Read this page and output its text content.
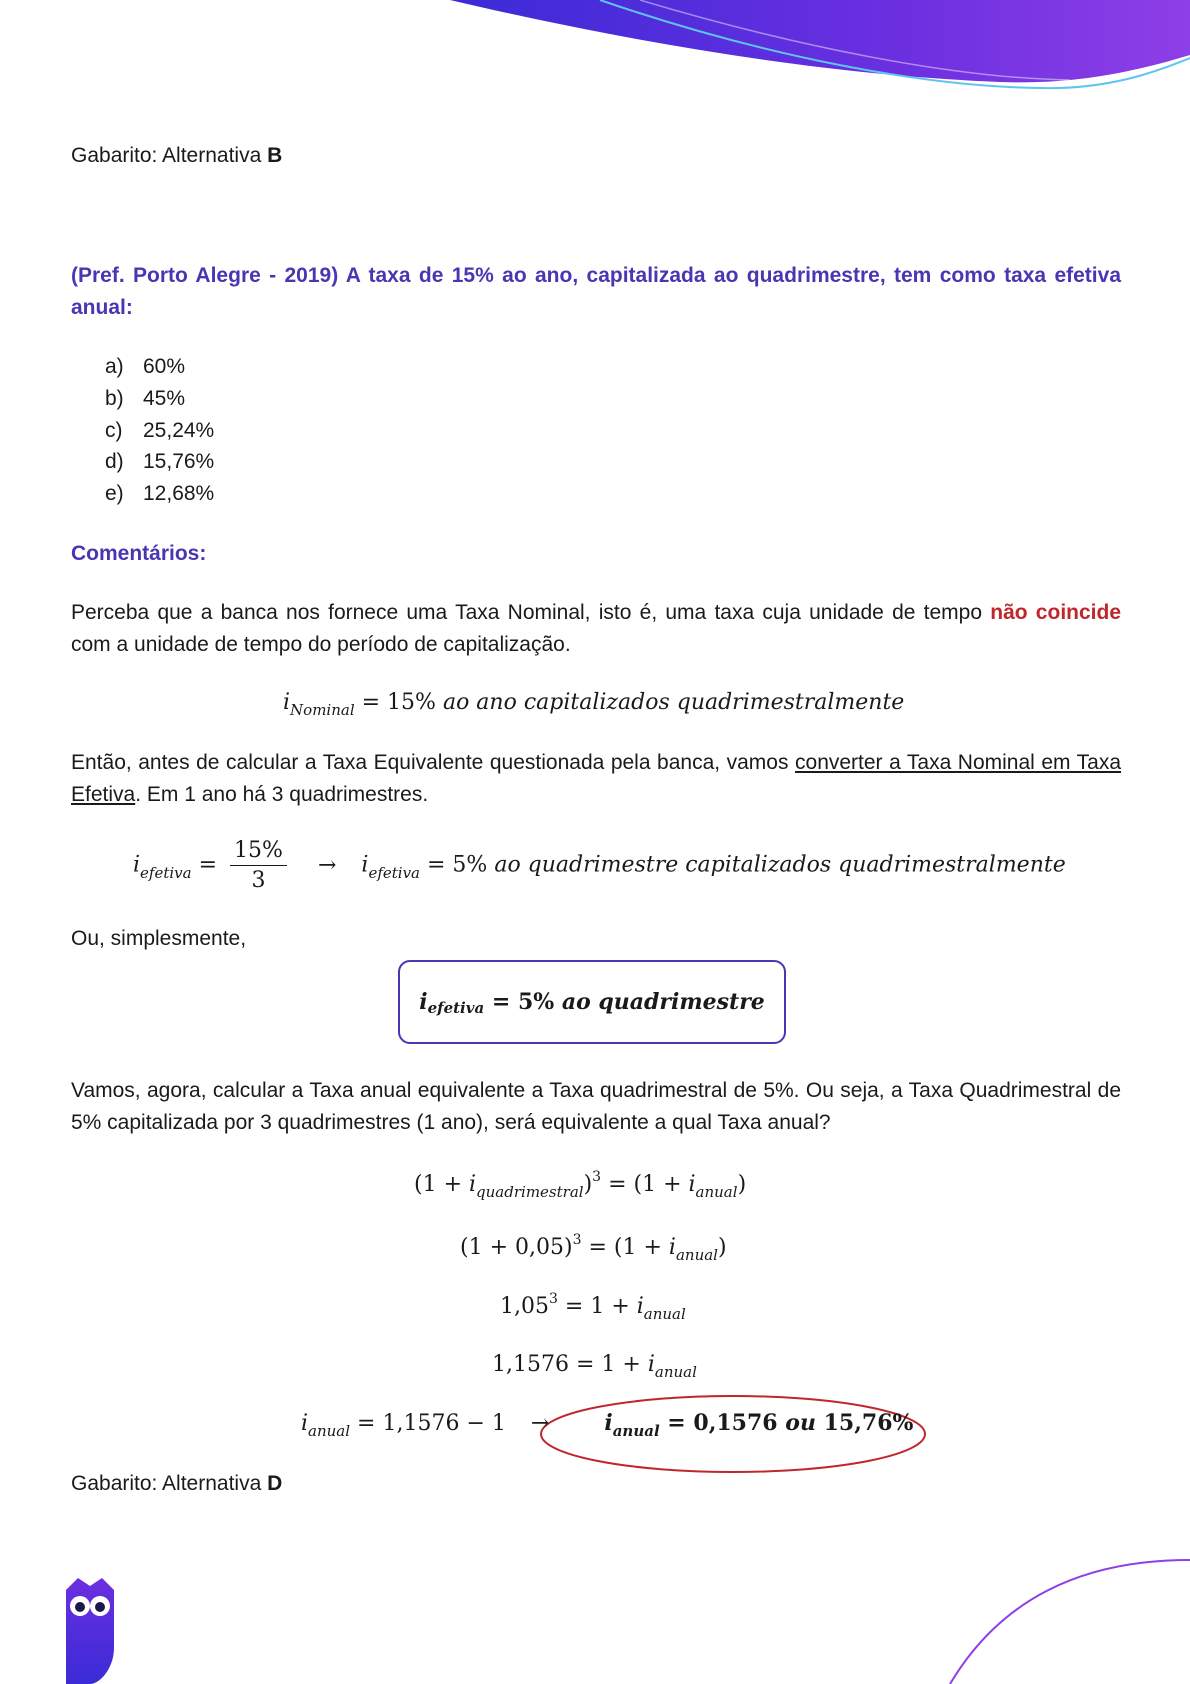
Gabarito: Alternativa B
(Pref. Porto Alegre - 2019) A taxa de 15% ao ano, capitalizada ao quadrimestre, tem como taxa efetiva anual:
a) 60%
b) 45%
c) 25,24%
d) 15,76%
e) 12,68%
Comentários:
Perceba que a banca nos fornece uma Taxa Nominal, isto é, uma taxa cuja unidade de tempo não coincide com a unidade de tempo do período de capitalização.
$i_{Nominal} = 15\%$ ao ano capitalizados quadrimestralmente
Então, antes de calcular a Taxa Equivalente questionada pela banca, vamos converter a Taxa Nominal em Taxa Efetiva. Em 1 ano há 3 quadrimestres.
$i_{efetiva} = \frac{15\%}{3} \to i_{efetiva} = 5\%$ ao quadrimestre capitalizados quadrimestralmente
Ou, simplesmente,
i efetiva = 5% ao quadrimestre
Vamos, agora, calcular a Taxa anual equivalente a Taxa quadrimestral de 5%. Ou seja, a Taxa Quadrimestral de 5% capitalizada por 3 quadrimestres (1 ano), será equivalente a qual Taxa anual?
$(1 + i_{quadrimestral})^3 = (1 + i_{anual})$
$(1 + 0,05)^3 = (1 + i_{anual})$
$1,05^3 = 1 + i_{anual}$
$1,1576 = 1 + i_{anual}$
$i_{anual} = 1,1576 - 1$ →	$i_{anual} = 0,1576$ ou 15,76%
Gabarito: Alternativa D
